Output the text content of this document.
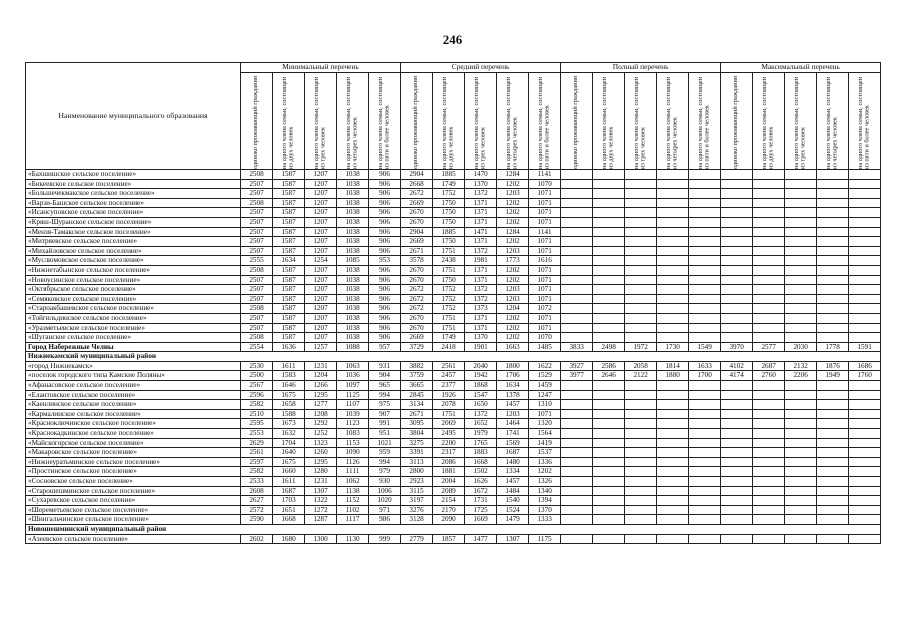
246
Наименование муниципального образования	Минимальный перечень					Средний перечень					Полный перечень					Максимальный перечень				

	одиноко проживающий гражданин	на одного члена семьи, состоящей из двух человек	на одного члена семьи, состоящей из трех человек	на одного члена семьи, состоящей из четырех человек	на одного члена семьи, состоящей из пяти и более человек	одиноко проживающий гражданин	на одного члена семьи, состоящей из двух человек	на одного члена семьи, состоящей из трех человек	на одного члена семьи, состоящей из четырех человек	на одного члена семьи, состоящей из пяти и более человек	одиноко проживающий гражданин	на одного члена семьи, состоящей из двух человек	на одного члена семьи, состоящей из трех человек	на одного члена семьи, состоящей из четырех человек	на одного члена семьи, состоящей из пяти и более человек	одиноко проживающий гражданин	на одного члена семьи, состоящей из двух человек	на одного члена семьи, состоящей из трех человек	на одного члена семьи, состоящей из четырех человек	на одного члена семьи, состоящей из пяти и более человек

«Бахшишское сельское поселение»	2508	1587	1207	1038	906	2904	1885	1470	1284	1141										
«Бикеевское сельское поселение»	2507	1587	1207	1038	906	2668	1749	1370	1202	1070										
«Большечекмакское сельское поселение»	2507	1587	1207	1038	906	2672	1752	1372	1203	1071										
«Варзи-Башское сельское поселение»	2508	1587	1207	1038	906	2669	1750	1371	1202	1071										
«Исансуповское сельское поселение»	2507	1587	1207	1038	906	2670	1750	1371	1202	1071										
«Кряш-Шуранское сельское поселение»	2507	1587	1207	1038	906	2670	1750	1371	1202	1071										
«Мензя-Тамакское сельское поселение»	2507	1587	1207	1038	906	2904	1885	1471	1284	1141										
«Митряевское сельское поселение»	2507	1587	1207	1038	906	2669	1750	1371	1202	1071										
«Михайловское сельское поселение»	2507	1587	1207	1038	906	2671	1751	1372	1203	1071										
«Муслюмовское сельское поселение»	2555	1634	1254	1085	953	3578	2438	1981	1773	1616										
«Нижнетабынское сельское поселение»	2508	1587	1207	1038	906	2670	1751	1371	1202	1071										
«Новоусинское сельское поселение»	2507	1587	1207	1038	906	2670	1750	1371	1202	1071										
«Октябрьское сельское поселение»	2507	1587	1207	1038	906	2672	1752	1372	1203	1071										
«Семяковское сельское поселение»	2507	1587	1207	1038	906	2672	1752	1372	1203	1071										
«Староакбашевское сельское поселение»	2508	1587	1207	1038	906	2672	1752	1373	1204	1072										
«Тойгильдинское сельское поселение»	2507	1587	1207	1038	906	2670	1751	1371	1202	1071										
«Уразметьевское сельское поселение»	2507	1587	1207	1038	906	2670	1751	1371	1202	1071										
«Шуганское сельское поселение»	2508	1587	1207	1038	906	2669	1749	1370	1202	1070										
Город Набережные Челны	2554	1636	1257	1088	957	3729	2418	1901	1663	1485	3833	2498	1972	1730	1549	3970	2577	2030	1778	1591
Нижнекамский муниципальный район																				
«город Нижнекамск»	2530	1611	1231	1063	931	3882	2561	2040	1800	1622	3927	2586	2058	1814	1633	4102	2687	2132	1876	1686
«поселок городского типа Камские Поляны»	2500	1583	1204	1036	904	3759	2457	1942	1706	1529	3977	2646	2122	1880	1700	4174	2760	2206	1949	1760
«Афанасовское сельское поселение»	2567	1646	1266	1097	965	3665	2377	1868	1634	1459										
«Елантовское сельское поселение»	2596	1675	1295	1125	994	2845	1926	1547	1378	1247										
«Каенлинское сельское поселение»	2582	1658	1277	1107	975	3134	2078	1650	1457	1310										
«Кармалинское сельское поселение»	2510	1588	1208	1039	907	2671	1751	1372	1203	1071										
«Красноключинское сельское поселение»	2595	1673	1292	1123	991	3095	2069	1652	1464	1320										
«Краснокадкинское сельское поселение»	2553	1632	1252	1083	951	3804	2495	1979	1741	1564										
«Майскогорское сельское поселение»	2629	1704	1323	1153	1021	3275	2200	1765	1569	1419										
«Макаровское сельское поселение»	2561	1640	1260	1090	959	3391	2317	1883	1687	1537										
«Нижнеуратьминское сельское поселение»	2597	1675	1295	1126	994	3113	2086	1668	1480	1336										
«Простинское сельское поселение»	2582	1660	1280	1111	979	2800	1881	1502	1334	1202										
«Сосновское сельское поселение»	2533	1611	1231	1062	930	2923	2004	1626	1457	1326										
«Старошешминское сельское поселение»	2608	1687	1307	1138	1006	3115	2089	1672	1484	1340										
«Сухаревское сельское поселение»	2627	1703	1322	1152	1020	3197	2154	1731	1540	1394										
«Шереметьевское сельское поселение»	2572	1651	1272	1102	971	3276	2170	1725	1524	1370										
«Шингальчинское сельское поселение»	2590	1668	1287	1117	986	3128	2090	1669	1479	1333										
Новошешминский муниципальный район																				
«Азеевское сельское поселение»	2602	1680	1300	1130	999	2779	1857	1477	1307	1175										
